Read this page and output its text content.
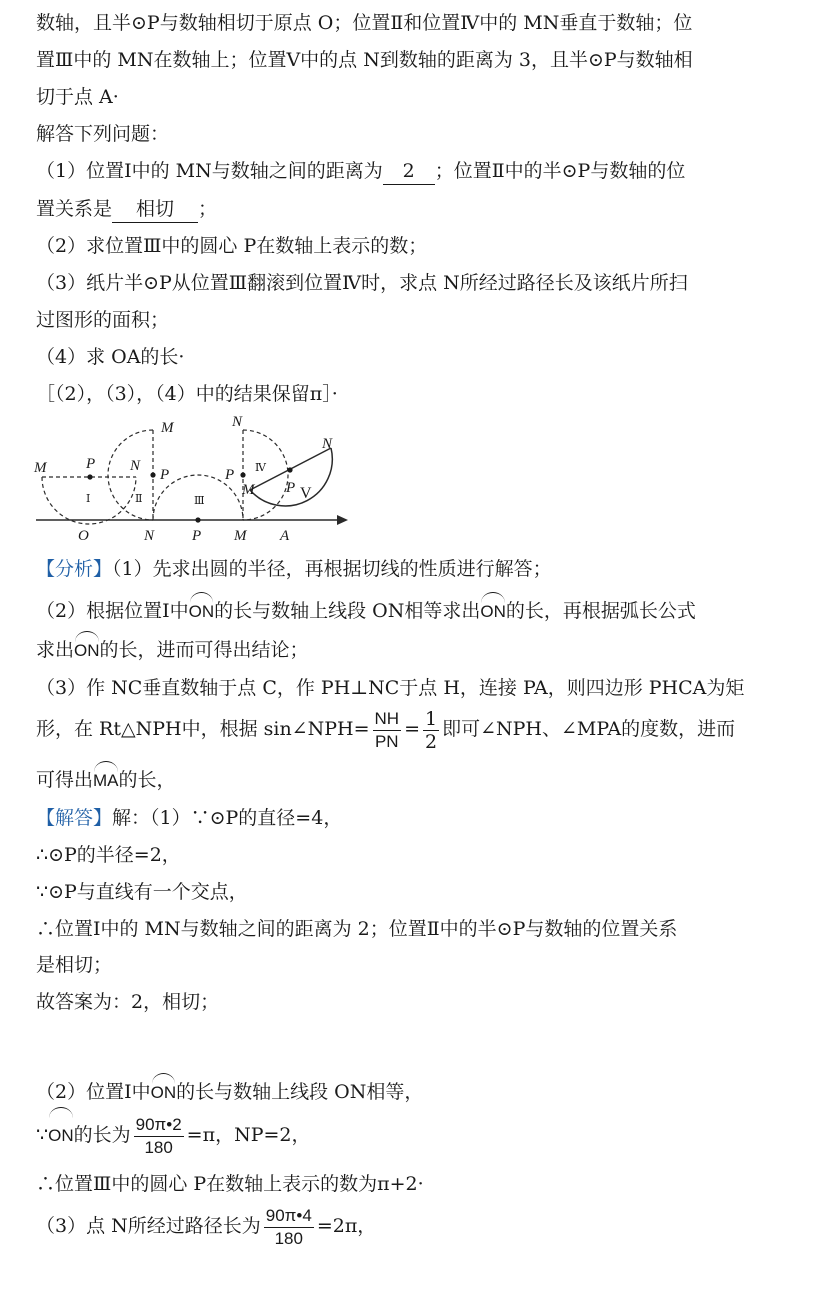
数轴，且半⊙P与数轴相切于原点 O；位置Ⅱ和位置Ⅳ中的 MN垂直于数轴；位
置Ⅲ中的 MN在数轴上；位置Ⅴ中的点 N到数轴的距离为 3，且半⊙P与数轴相
切于点 A·
解答下列问题：
（1）位置Ⅰ中的 MN与数轴之间的距离为 2 ；位置Ⅱ中的半⊙P与数轴的位
置关系是 相切 ；
（2）求位置Ⅲ中的圆心 P在数轴上表示的数；
（3）纸片半⊙P从位置Ⅲ翻滚到位置Ⅳ时，求点 N所经过路径长及该纸片所扫
过图形的面积；
（4）求 OA的长·
［（2），（3），（4）中的结果保留π］·
M	P
O
M
N
P
N	P M
N
P
M
N
P
A
Ⅰ	Ⅱ	Ⅲ
Ⅳ
V
【分析】（1）先求出圆的半径，再根据切线的性质进行解答；
（2）根据位置Ⅰ中ON的长与数轴上线段 ON相等求出ON的长，再根据弧长公式
求出ON的长，进而可得出结论；
（3）作 NC垂直数轴于点 C，作 PH⊥NC于点 H，连接 PA，则四边形 PHCA为矩
形，在 Rt△NPH中，根据 sin∠NPH= $\frac{NH}{PN} = \frac{1}{2}$ 即可∠NPH、∠MPA的度数，进而
可得出MA的长，
【解答】解：（1）∵⊙P的直径=4，
∴⊙P的半径=2，
∵⊙P与直线有一个交点，
∴位置Ⅰ中的 MN与数轴之间的距离为 2；位置Ⅱ中的半⊙P与数轴的位置关系
是相切；
故答案为：2，相切；
（2）位置Ⅰ中ON的长与数轴上线段 ON相等，
∵ON的长为 $\frac{90\pi•2}{180} =\pi$，NP=2，
∴位置Ⅲ中的圆心 P在数轴上表示的数为π+2·
（3）点 N所经过路径长为 $\frac{90\pi•4}{180} =2\pi$，
